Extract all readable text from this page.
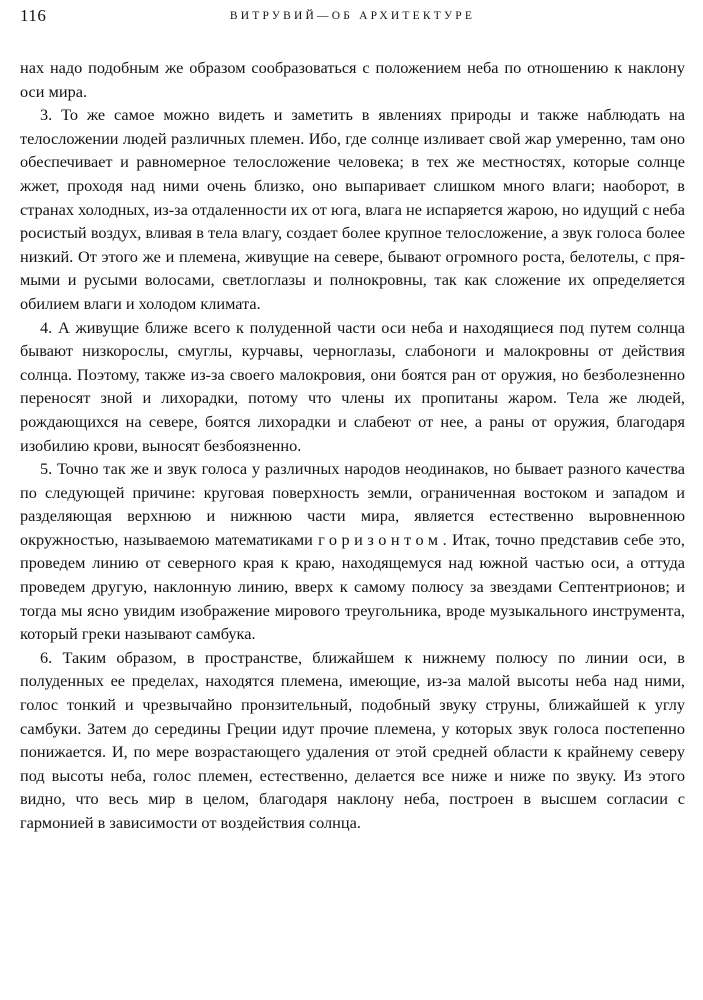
116	ВИТРУВИЙ—ОБ АРХИТЕКТУРЕ

нах надо подобным же образом сообразоваться с положением неба по отношению к наклону оси мира.

3. То же самое можно видеть и заметить в явлениях природы и также наблюдать на телосложении людей различных племен. Ибо, где солнце изливает свой жар умеренно, там оно обеспечивает и равномерное телосложение человека; в тех же местностях, которые солнце жжет, проходя над ними очень близко, оно выпаривает слишком много влаги; наоборот, в странах холодных, из-за отдаленности их от юга, влага не испаряется жарою, но идущий с неба росистый воздух, вливая в тела влагу, создает более крупное телосложение, а звук голоса более низкий. От этого же и племена, живущие на севере, бывают огромного роста, белотелы, с прямыми и русыми волосами, светлоглазы и полнокровны, так как сложение их определяется обилием влаги и холодом климата.

4. А живущие ближе всего к полуденной части оси неба и находящиеся под путем солнца бывают низкорослы, смуглы, курчавы, черноглазы, слабоноги и малокровны от действия солнца. Поэтому, также из-за своего малокровия, они боятся ран от оружия, но безболезненно переносят зной и лихорадки, потому что члены их пропитаны жаром. Тела же людей, рождающихся на севере, боятся лихорадки и слабеют от нее, а раны от оружия, благодаря изобилию крови, выносят безбоязненно.

5. Точно так же и звук голоса у различных народов неодинаков, но бывает разного качества по следующей причине: круговая поверхность земли, ограниченная востоком и западом и разделяющая верхнюю и нижнюю части мира, является естественно выровненною окружностью, называемою математиками горизонтом. Итак, точно представив себе это, проведем линию от северного края к краю, находящемуся над южной частью оси, а оттуда проведем другую, наклонную линию, вверх к самому полюсу за звездами Септентрионов; и тогда мы ясно увидим изображение мирового треугольника, вроде музыкального инструмента, который греки называют самбука.

6. Таким образом, в пространстве, ближайшем к нижнему полюсу по линии оси, в полуденных ее пределах, находятся племена, имеющие, из-за малой высоты неба над ними, голос тонкий и чрезвычайно пронзительный, подобный звуку струны, ближайшей к углу самбуки. Затем до середины Греции идут прочие племена, у которых звук голоса постепенно понижается. И, по мере возрастающего удаления от этой средней области к крайнему северу под высоты неба, голос племен, естественно, делается все ниже и ниже по звуку. Из этого видно, что весь мир в целом, благодаря наклону неба, построен в высшем согласии с гармонией в зависимости от воздействия солнца.
